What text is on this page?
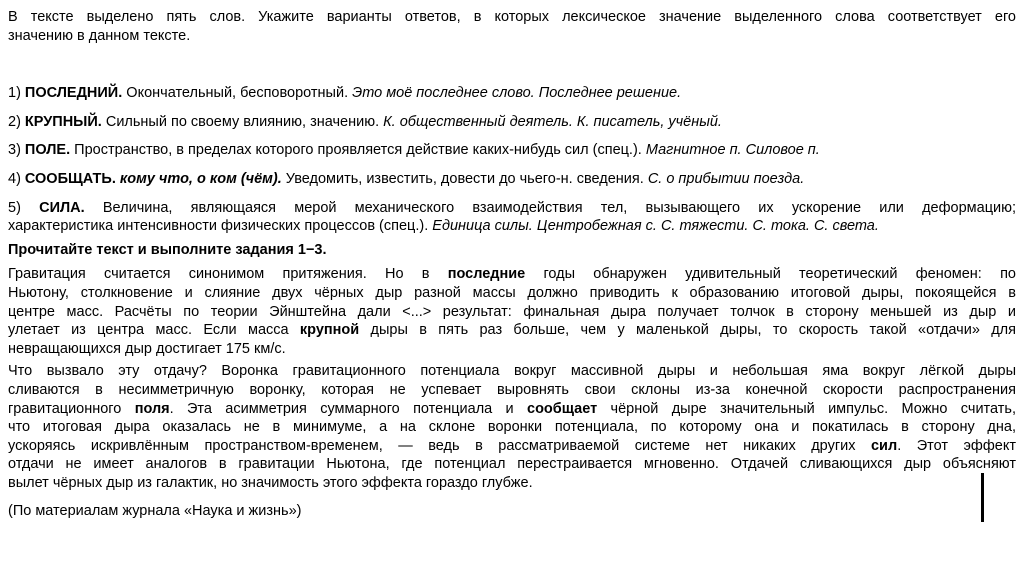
В тексте выделено пять слов. Укажите варианты ответов, в которых лексическое значение выделенного слова соответствует его
значению в данном тексте.
1) ПОСЛЕДНИЙ. Окончательный, бесповоротный. Это моё последнее слово. Последнее решение.
2) КРУПНЫЙ. Сильный по своему влиянию, значению. К. общественный деятель. К. писатель, учёный.
3) ПОЛЕ. Пространство, в пределах которого проявляется действие каких-нибудь сил (спец.). Магнитное п. Силовое п.
4) СООБЩАТЬ. кому что, о ком (чём). Уведомить, известить, довести до чьего-н. сведения. С. о прибытии поезда.
5) СИЛА. Величина, являющаяся мерой механического взаимодействия тел, вызывающего их ускорение или деформацию;
характеристика интенсивности физических процессов (спец.). Единица силы. Центробежная с. С. тяжести. С. тока. С. света.
Прочитайте текст и выполните задания 1−3.
Гравитация считается синонимом притяжения. Но в последние годы обнаружен удивительный теоретический феномен: по
Ньютону, столкновение и слияние двух чёрных дыр разной массы должно приводить к образованию итоговой дыры, покоящейся в
центре масс. Расчёты по теории Эйнштейна дали <...> результат: финальная дыра получает толчок в сторону меньшей из дыр и
улетает из центра масс. Если масса крупной дыры в пять раз больше, чем у маленькой дыры, то скорость такой «отдачи» для
невращающихся дыр достигает 175 км/с.
Что вызвало эту отдачу? Воронка гравитационного потенциала вокруг массивной дыры и небольшая яма вокруг лёгкой дыры
сливаются в несимметричную воронку, которая не успевает выровнять свои склоны из-за конечной скорости распространения
гравитационного поля. Эта асимметрия суммарного потенциала и сообщает чёрной дыре значительный импульс. Можно считать,
что итоговая дыра оказалась не в минимуме, а на склоне воронки потенциала, по которому она и покатилась в сторону дна,
ускоряясь искривлённым пространством-временем, — ведь в рассматриваемой системе нет никаких других сил. Этот эффект
отдачи не имеет аналогов в гравитации Ньютона, где потенциал перестраивается мгновенно. Отдачей сливающихся дыр объясняют
вылет чёрных дыр из галактик, но значимость этого эффекта гораздо глубже.
(По материалам журнала «Наука и жизнь»)
